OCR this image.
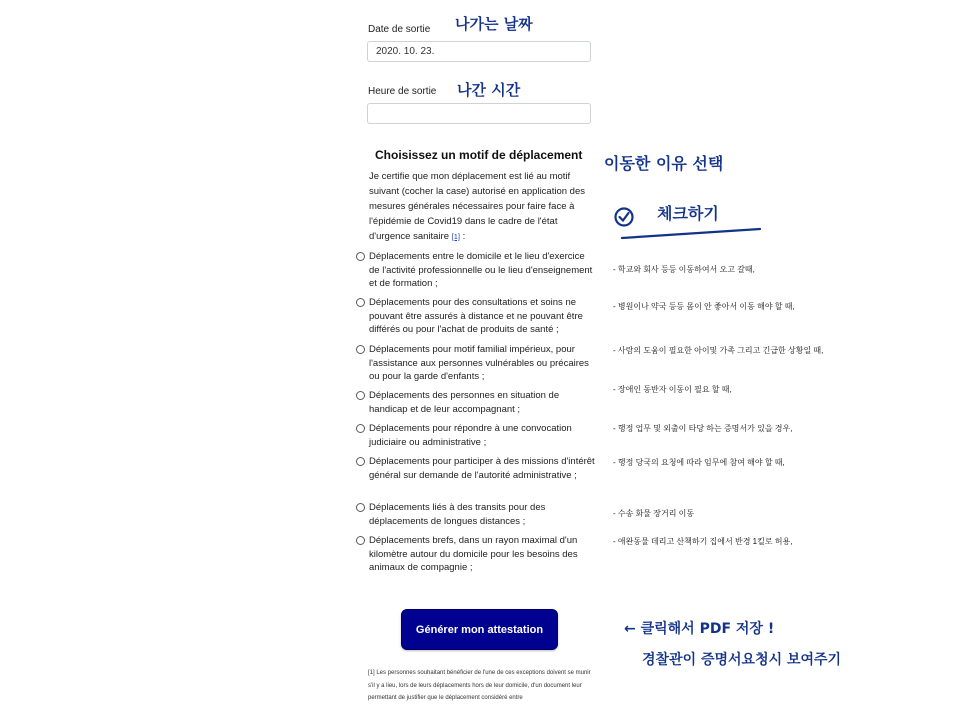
Date de sortie
2020. 10. 23.
Heure de sortie
나가는 날짜
나간 시간
이동한 이유 선택
체크하기
Choisissez un motif de déplacement
Je certifie que mon déplacement est lié au motif suivant (cocher la case) autorisé en application des mesures générales nécessaires pour faire face à l'épidémie de Covid19 dans le cadre de l'état d'urgence sanitaire [1] :
Déplacements entre le domicile et le lieu d'exercice de l'activité professionnelle ou le lieu d'enseignement et de formation ;
Déplacements pour des consultations et soins ne pouvant être assurés à distance et ne pouvant être différés ou pour l'achat de produits de santé ;
Déplacements pour motif familial impérieux, pour l'assistance aux personnes vulnérables ou précaires ou pour la garde d'enfants ;
Déplacements des personnes en situation de handicap et de leur accompagnant ;
Déplacements pour répondre à une convocation judiciaire ou administrative ;
Déplacements pour participer à des missions d'intérêt général sur demande de l'autorité administrative ;
Déplacements liés à des transits pour des déplacements de longues distances ;
Déplacements brefs, dans un rayon maximal d'un kilomètre autour du domicile pour les besoins des animaux de compagnie ;
- 학교와 회사 등등 이동하여서 오고 갈때,
- 병원이나 약국 등등 몸이 안 좋아서 이동 해야 할 때,
- 사람의 도움이 필요한 아이및 가족 그리고 긴급한 상황일 때,
- 장애인 동반자 이동이 필요 할 때,
- 행정 업무 및 외출이 타당 하는 증명서가 있을 경우,
- 행정 당국의 요청에 따라 임무에 참여 해야 할 때,
- 수송 화물 장거리 이동
- 애완동물 데리고 산책하기 집에서 반경 1킬로 허용,
Générer mon attestation	← 클릭해서 PDF 저장 !
경찰관이 증명서요청시 보여주기
[1] Les personnes souhaitant bénéficier de l'une de ces exceptions doivent se munir s'il y a lieu, lors de leurs déplacements hors de leur domicile, d'un document leur permettant de justifier que le déplacement considéré entre
